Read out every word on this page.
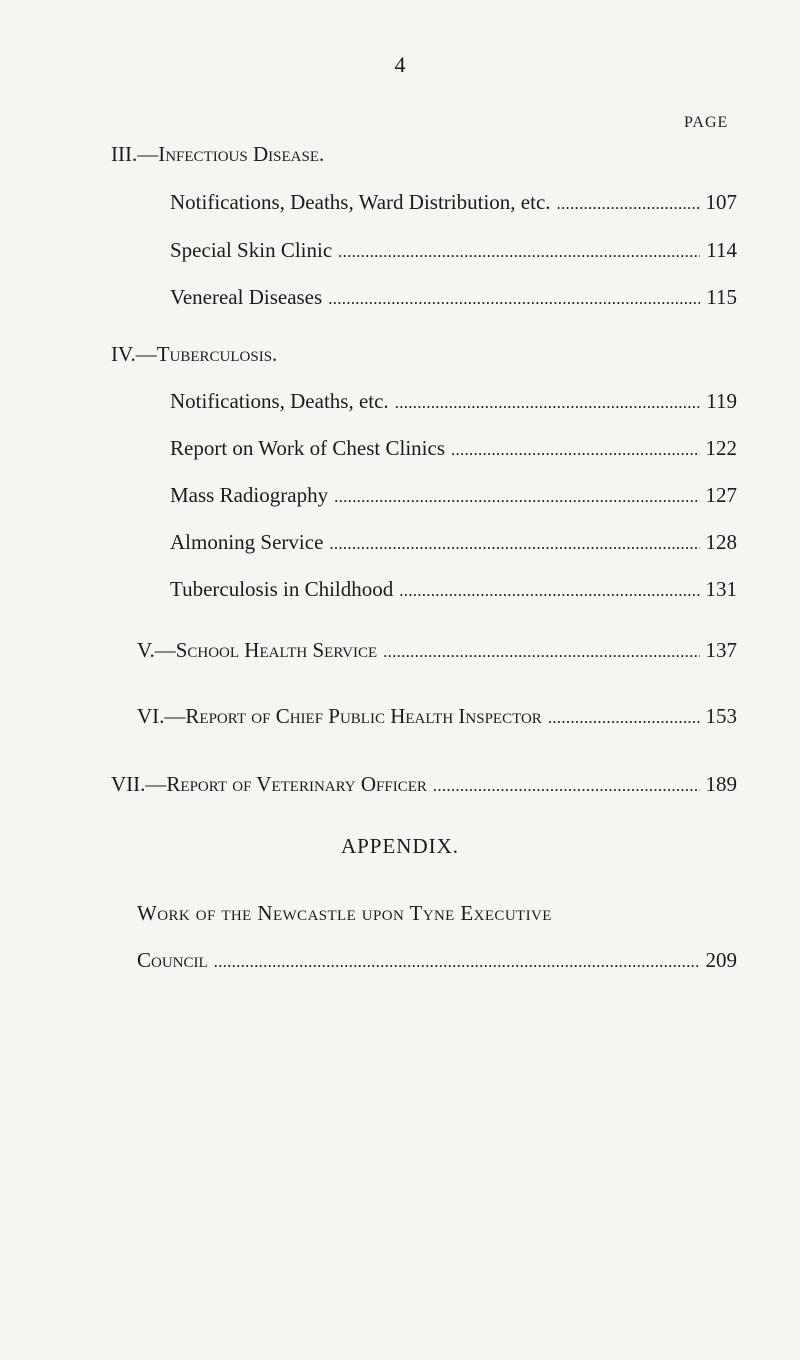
4
PAGE
III.—Infectious Disease.
Notifications, Deaths, Ward Distribution, etc. . . .	107
Special Skin Clinic . . .	114
Venereal Diseases . . .	115
IV.—Tuberculosis.
Notifications, Deaths, etc. . . .	119
Report on Work of Chest Clinics . . .	122
Mass Radiography . . .	127
Almoning Service . . .	128
Tuberculosis in Childhood . . .	131
V.—School Health Service . . .	137
VI.—Report of Chief Public Health Inspector . . .	153
VII.—Report of Veterinary Officer . . .	189
APPENDIX.
Work of the Newcastle upon Tyne Executive
Council . . .	209
